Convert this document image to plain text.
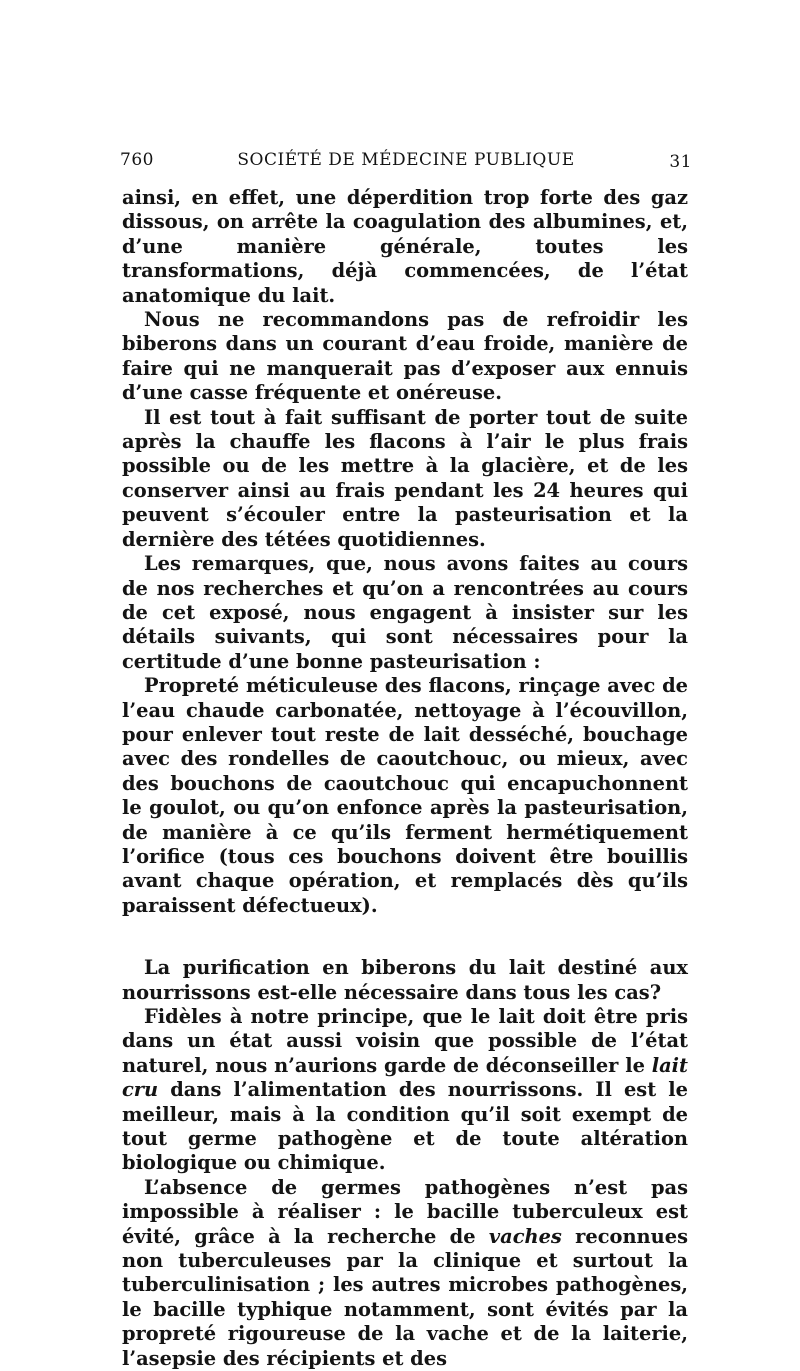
760	SOCIÉTÉ DE MÉDECINE PUBLIQUE	31

ainsi, en effet, une déperdition trop forte des gaz dissous, on arrête la coagulation des albumines, et, d’une manière générale, toutes les transformations, déjà commencées, de l’état anatomique du lait.

Nous ne recommandons pas de refroidir les biberons dans un courant d’eau froide, manière de faire qui ne manquerait pas d’exposer aux ennuis d’une casse fréquente et onéreuse.

Il est tout à fait suffisant de porter tout de suite après la chauffe les flacons à l’air le plus frais possible ou de les mettre à la glacière, et de les conserver ainsi au frais pendant les 24 heures qui peuvent s’écouler entre la pasteurisation et la dernière des tétées quotidiennes.

Les remarques, que, nous avons faites au cours de nos recherches et qu’on a rencontrées au cours de cet exposé, nous engagent à insister sur les détails suivants, qui sont nécessaires pour la certitude d’une bonne pasteurisation :

Propreté méticuleuse des flacons, rinçage avec de l’eau chaude carbonatée, nettoyage à l’écouvillon, pour enlever tout reste de lait desséché, bouchage avec des rondelles de caoutchouc, ou mieux, avec des bouchons de caoutchouc qui encapuchonnent le goulot, ou qu’on enfonce après la pasteurisation, de manière à ce qu’ils ferment hermétiquement l’orifice (tous ces bouchons doivent être bouillis avant chaque opération, et remplacés dès qu’ils paraissent défectueux).

La purification en biberons du lait destiné aux nourrissons est-elle nécessaire dans tous les cas?

Fidèles à notre principe, que le lait doit être pris dans un état aussi voisin que possible de l’état naturel, nous n’aurions garde de déconseiller le lait cru dans l’alimentation des nourrissons. Il est le meilleur, mais à la condition qu’il soit exempt de tout germe pathogène et de toute altération biologique ou chimique.

L’absence de germes pathogènes n’est pas impossible à réaliser : le bacille tuberculeux est évité, grâce à la recherche de vaches reconnues non tuberculeuses par la clinique et surtout la tuberculinisation ; les autres microbes pathogènes, le bacille typhique notamment, sont évités par la propreté rigoureuse de la vache et de la laiterie, l’asepsie des récipients et des
